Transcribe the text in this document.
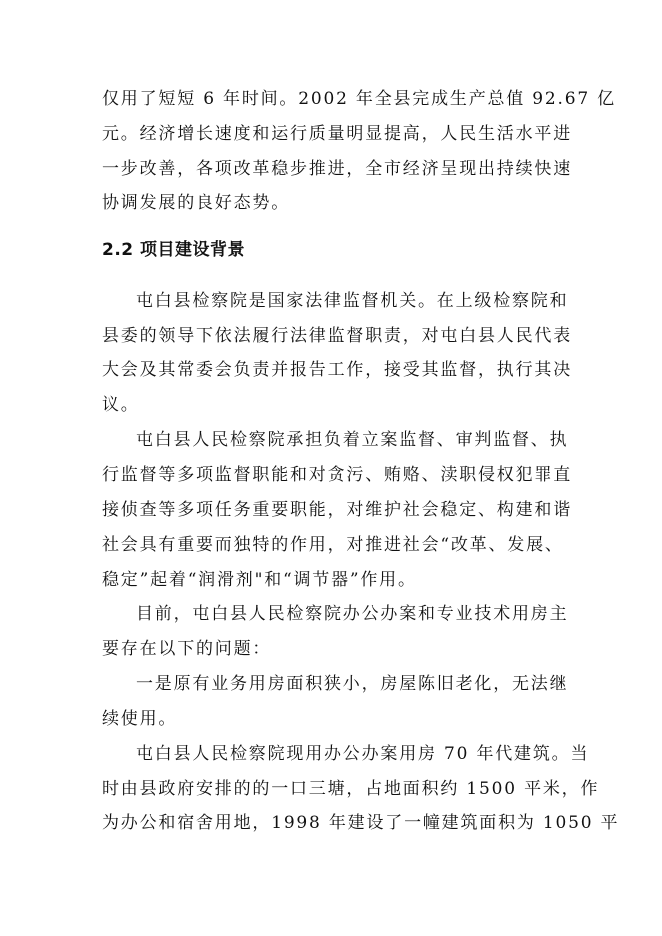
仅用了短短 6 年时间。2002 年全县完成生产总值 92.67 亿
元。经济增长速度和运行质量明显提高，人民生活水平进
一步改善，各项改革稳步推进，全市经济呈现出持续快速
协调发展的良好态势。
2.2 项目建设背景
屯白县检察院是国家法律监督机关。在上级检察院和
县委的领导下依法履行法律监督职责，对屯白县人民代表
大会及其常委会负责并报告工作，接受其监督，执行其决
议。
屯白县人民检察院承担负着立案监督、审判监督、执
行监督等多项监督职能和对贪污、贿赂、渎职侵权犯罪直
接侦查等多项任务重要职能，对维护社会稳定、构建和谐
社会具有重要而独特的作用，对推进社会“改革、发展、
稳定”起着“润滑剂"和“调节器”作用。
目前，屯白县人民检察院办公办案和专业技术用房主
要存在以下的问题：
一是原有业务用房面积狭小，房屋陈旧老化，无法继
续使用。
屯白县人民检察院现用办公办案用房 70 年代建筑。当
时由县政府安排的的一口三塘，占地面积约 1500 平米，作
为办公和宿舍用地，1998 年建设了一幢建筑面积为 1050 平
